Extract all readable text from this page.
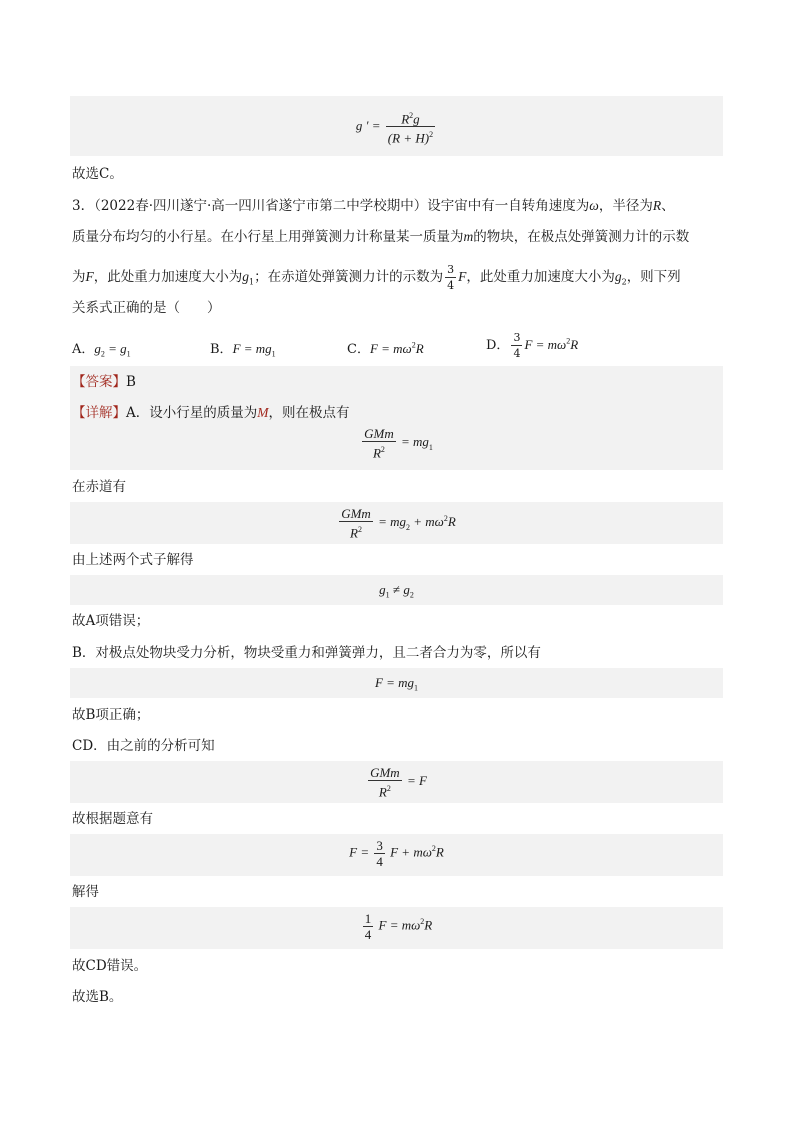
g ′ = $\frac{R^2g}{(R + H)^2}$
故选C。
3．（2022春·四川遂宁·高一四川省遂宁市第二中学校期中）设宇宙中有一自转角速度为ω，半径为R、
质量分布均匀的小行星。在小行星上用弹簧测力计称量某一质量为m的物块，在极点处弹簧测力计的示数
为F，此处重力加速度大小为$g_1$；在赤道处弹簧测力计的示数为 $\frac{3}{4}$ F，此处重力加速度大小为$g_2$，则下列
关系式正确的是（　　）
A．$g_2 = g_1$	B．$F = mg_1$	C．$F = m\omega^2R$	D． $\frac{3}{4}$ $F = m\omega^2R$
【答案】B
【详解】A．设小行星的质量为M，则在极点有
$\frac{\text{GMm}}{R^2} = mg_1$
在赤道有
$\frac{\text{GMm}}{R^2} = mg_2 + m\omega^2R$
由上述两个式子解得
$g_1 \ne g_2$
故A项错误；
B．对极点处物块受力分析，物块受重力和弹簧弹力，且二者合力为零，所以有
$F = mg_1$
故B项正确；
CD．由之前的分析可知
$\frac{\text{GMm}}{R^2} = F$
故根据题意有
$F = \frac{3}{4}$ $F + m\omega^2R$
解得
$\frac{1}{4}$ $F = m\omega^2R$
故CD错误。
故选B。
